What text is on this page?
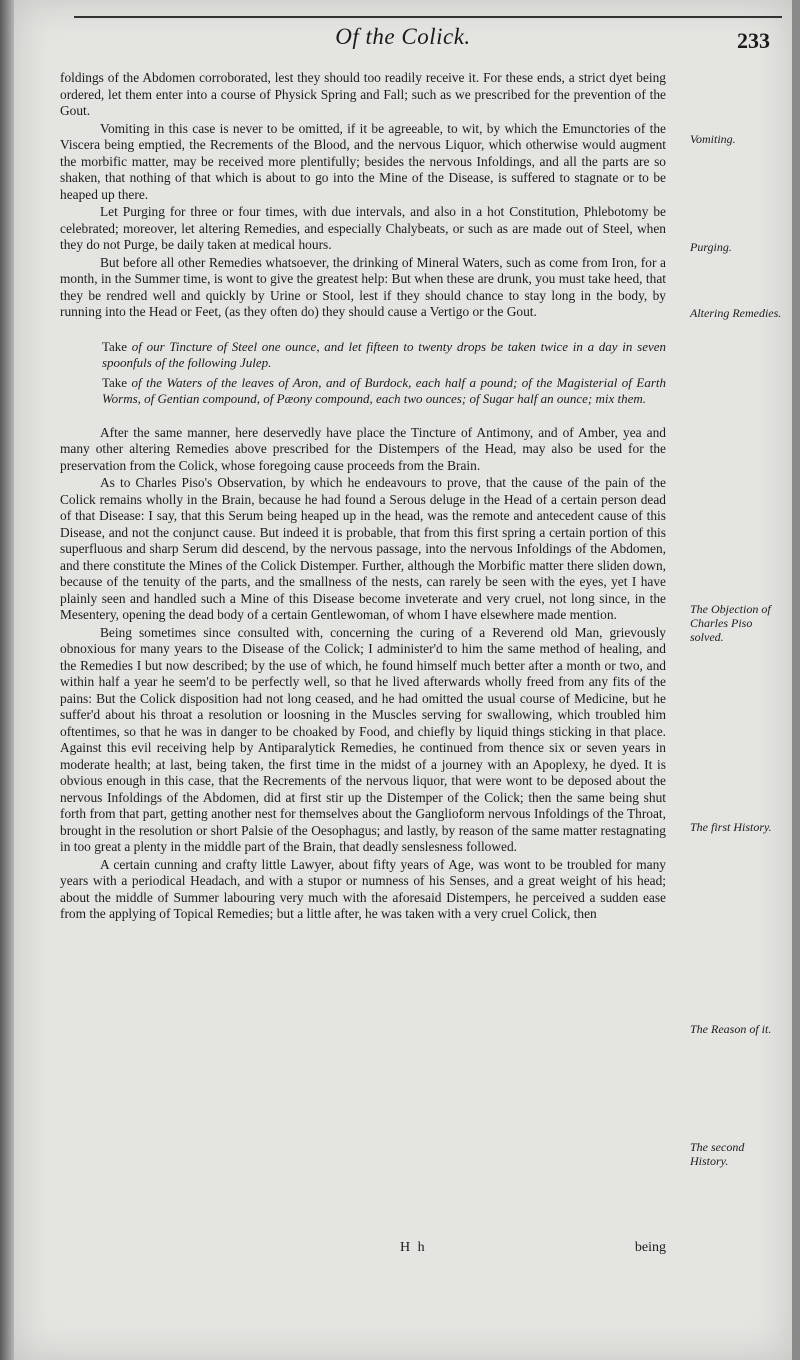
Of the Colick.	233

foldings of the Abdomen corroborated, lest they should too readily receive it. For these ends, a strict dyet being ordered, let them enter into a course of Physick Spring and Fall; such as we prescribed for the prevention of the Gout.

Vomiting in this case is never to be omitted, if it be agreeable, to wit, by which the Emunctories of the Viscera being emptied, the Recrements of the Blood, and the nervous Liquor, which otherwise would augment the morbific matter, may be received more plentifully; besides the nervous Infoldings, and all the parts are so shaken, that nothing of that which is about to go into the Mine of the Disease, is suffered to stagnate or to be heaped up there.

Let Purging for three or four times, with due intervals, and also in a hot Constitution, Phlebotomy be celebrated; moreover, let altering Remedies, and especially Chalybeats, or such as are made out of Steel, when they do not Purge, be daily taken at medical hours.

But before all other Remedies whatsoever, the drinking of Mineral Waters, such as come from Iron, for a month, in the Summer time, is wont to give the greatest help: But when these are drunk, you must take heed, that they be rendred well and quickly by Urine or Stool, lest if they should chance to stay long in the body, by running into the Head or Feet, (as they often do) they should cause a Vertigo or the Gout.

Take of our Tincture of Steel one ounce, and let fifteen to twenty drops be taken twice in a day in seven spoonfuls of the following Julep.

Take of the Waters of the leaves of Aron, and of Burdock, each half a pound; of the Magisterial of Earth Worms, of Gentian compound, of Pæony compound, each two ounces; of Sugar half an ounce; mix them.

After the same manner, here deservedly have place the Tincture of Antimony, and of Amber, yea and many other altering Remedies above prescribed for the Distempers of the Head, may also be used for the preservation from the Colick, whose foregoing cause proceeds from the Brain.

As to Charles Piso's Observation, by which he endeavours to prove, that the cause of the pain of the Colick remains wholly in the Brain, because he had found a Serous deluge in the Head of a certain person dead of that Disease: I say, that this Serum being heaped up in the head, was the remote and antecedent cause of this Disease, and not the conjunct cause. But indeed it is probable, that from this first spring a certain portion of this superfluous and sharp Serum did descend, by the nervous passage, into the nervous Infoldings of the Abdomen, and there constitute the Mines of the Colick Distemper. Further, although the Morbific matter there sliden down, because of the tenuity of the parts, and the smallness of the nests, can rarely be seen with the eyes, yet I have plainly seen and handled such a Mine of this Disease become inveterate and very cruel, not long since, in the Mesentery, opening the dead body of a certain Gentlewoman, of whom I have elsewhere made mention.

Being sometimes since consulted with, concerning the curing of a Reverend old Man, grievously obnoxious for many years to the Disease of the Colick; I administer'd to him the same method of healing, and the Remedies I but now described; by the use of which, he found himself much better after a month or two, and within half a year he seem'd to be perfectly well, so that he lived afterwards wholly freed from any fits of the pains: But the Colick disposition had not long ceased, and he had omitted the usual course of Medicine, but he suffer'd about his throat a resolution or loosning in the Muscles serving for swallowing, which troubled him oftentimes, so that he was in danger to be choaked by Food, and chiefly by liquid things sticking in that place. Against this evil receiving help by Antiparalytick Remedies, he continued from thence six or seven years in moderate health; at last, being taken, the first time in the midst of a journey with an Apoplexy, he dyed. It is obvious enough in this case, that the Recrements of the nervous liquor, that were wont to be deposed about the nervous Infoldings of the Abdomen, did at first stir up the Distemper of the Colick; then the same being shut forth from that part, getting another nest for themselves about the Ganglioform nervous Infoldings of the Throat, brought in the resolution or short Palsie of the Oesophagus; and lastly, by reason of the same matter restagnating in too great a plenty in the middle part of the Brain, that deadly senslesness followed.

A certain cunning and crafty little Lawyer, about fifty years of Age, was wont to be troubled for many years with a periodical Headach, and with a stupor or numness of his Senses, and a great weight of his head; about the middle of Summer labouring very much with the aforesaid Distempers, he perceived a sudden ease from the applying of Topical Remedies; but a little after, he was taken with a very cruel Colick, then

Vomiting.
Purging.
Altering Remedies.
The Objection of Charles Piso solved.
The first History.
The Reason of it.
The second History.
H h	being
